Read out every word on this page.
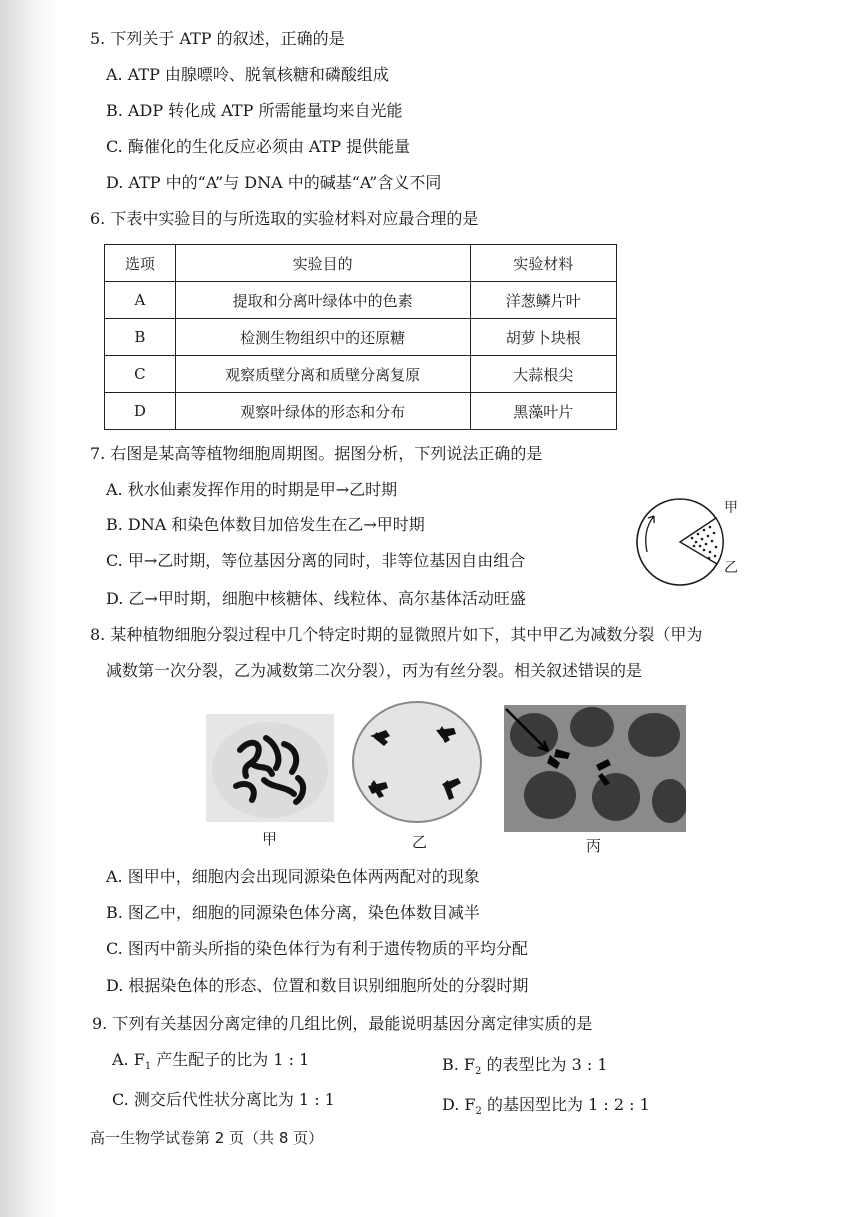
5. 下列关于 ATP 的叙述，正确的是
A. ATP 由腺嘌呤、脱氧核糖和磷酸组成
B. ADP 转化成 ATP 所需能量均来自光能
C. 酶催化的生化反应必须由 ATP 提供能量
D. ATP 中的“A”与 DNA 中的碱基“A”含义不同
6. 下表中实验目的与所选取的实验材料对应最合理的是
选项	实验目的	实验材料
A	提取和分离叶绿体中的色素	洋葱鳞片叶
B	检测生物组织中的还原糖	胡萝卜块根
C	观察质壁分离和质壁分离复原	大蒜根尖
D	观察叶绿体的形态和分布	黑藻叶片
7. 右图是某高等植物细胞周期图。据图分析，下列说法正确的是
A. 秋水仙素发挥作用的时期是甲→乙时期
B. DNA 和染色体数目加倍发生在乙→甲时期
C. 甲→乙时期，等位基因分离的同时，非等位基因自由组合
D. 乙→甲时期，细胞中核糖体、线粒体、高尔基体活动旺盛
甲
乙
8. 某种植物细胞分裂过程中几个特定时期的显微照片如下，其中甲乙为减数分裂（甲为
减数第一次分裂，乙为减数第二次分裂），丙为有丝分裂。相关叙述错误的是
甲	乙	丙
A. 图甲中，细胞内会出现同源染色体两两配对的现象
B. 图乙中，细胞的同源染色体分离，染色体数目减半
C. 图丙中箭头所指的染色体行为有利于遗传物质的平均分配
D. 根据染色体的形态、位置和数目识别细胞所处的分裂时期
9. 下列有关基因分离定律的几组比例，最能说明基因分离定律实质的是
A. $F_1$ 产生配子的比为 1 : 1	B. $F_2$ 的表型比为 3 : 1
C. 测交后代性状分离比为 1 : 1	D. $F_2$ 的基因型比为 1 : 2 : 1
高一生物学试卷第 2 页（共 8 页）
